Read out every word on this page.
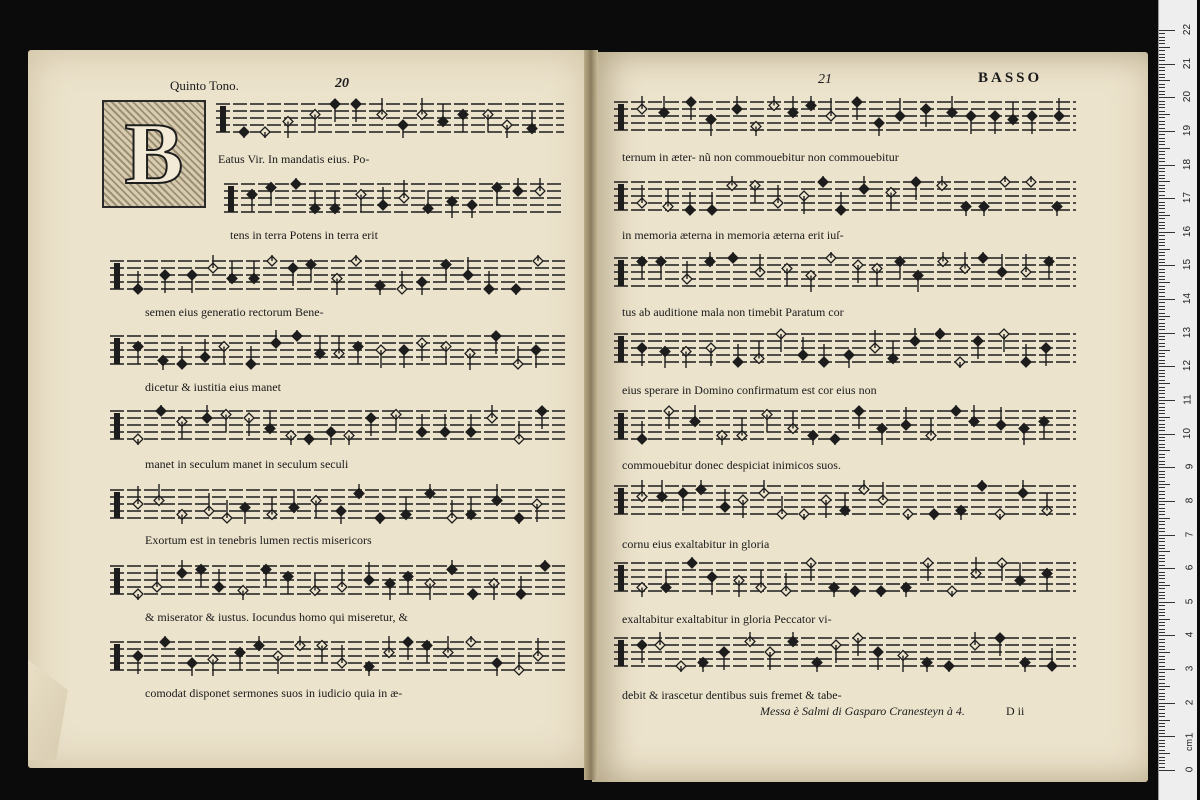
Quinto Tono.	20	21	BASSO
B	Eatus Vir. In mandatis eius. Po-
tens in terra Potens in terra erit
semen eius generatio rectorum Bene-
dicetur & iustitia eius manet
manet in seculum manet in seculum seculi
Exortum est in tenebris lumen rectis misericors
& miserator & iustus. Iocundus homo qui miseretur, &
comodat disponet sermones suos in iudicio quia in æ-
ternum in æter- nũ non commouebitur non commouebitur
in memoria æterna in memoria æterna erit iuſ-
tus ab auditione mala non timebit Paratum cor
eius sperare in Domino confirmatum est cor eius non
commouebitur donec despiciat inimicos suos.
cornu eius exaltabitur in gloria
exaltabitur exaltabitur in gloria Peccator vi-
debit & irascetur dentibus suis fremet & tabe-
Messa è Salmi di Gasparo Cranesteyn à 4.	D ii
cm
22
21
20
19
18
17
16
15
14
13
12
11
10
9
8
7
6
5
4
3
2
1
0
